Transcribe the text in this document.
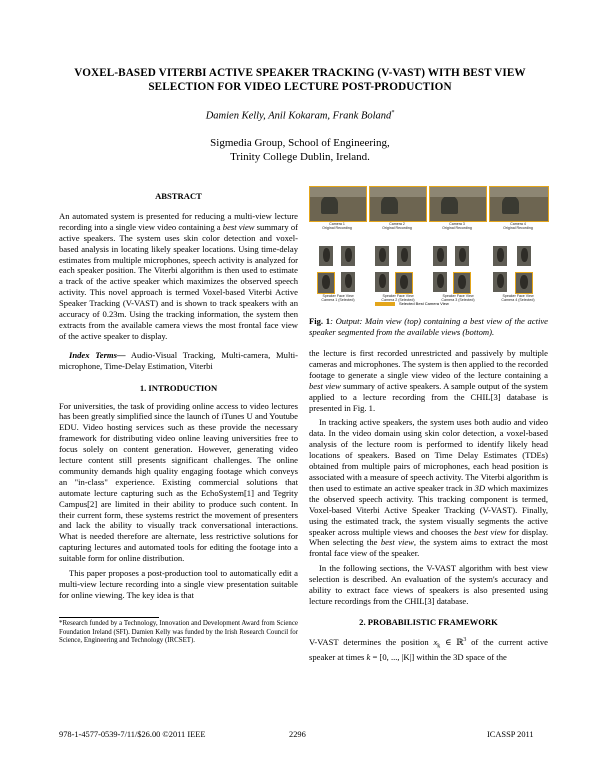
VOXEL-BASED VITERBI ACTIVE SPEAKER TRACKING (V-VAST) WITH BEST VIEW SELECTION FOR VIDEO LECTURE POST-PRODUCTION
Damien Kelly, Anil Kokaram, Frank Boland*
Sigmedia Group, School of Engineering,
Trinity College Dublin, Ireland.

ABSTRACT

An automated system is presented for reducing a multi-view lecture recording into a single view video containing a best view summary of active speakers. The system uses skin color detection and voxel-based analysis in locating likely speaker locations. Using time-delay estimates from multiple microphones, speech activity is analyzed for each speaker position. The Viterbi algorithm is then used to estimate a track of the active speaker which maximizes the observed speech activity. This novel approach is termed Voxel-based Viterbi Active Speaker Tracking (V-VAST) and is shown to track speakers with an accuracy of 0.23m. Using the tracking information, the system then extracts from the available camera views the most frontal face view of the active speaker to display.

Index Terms— Audio-Visual Tracking, Multi-camera, Multi-microphone, Time-Delay Estimation, Viterbi

1. INTRODUCTION

For universities, the task of providing online access to video lectures has been greatly simplified since the launch of iTunes U and Youtube EDU. Video hosting services such as these provide the necessary framework for distributing video online leaving universities free to focus solely on content generation. However, generating video lecture content still presents significant challenges. The online community demands high quality engaging footage which conveys an "in-class" experience. Existing commercial solutions that automate lecture capturing such as the EchoSystem[1] and Tegrity Campus[2] are limited in their ability to produce such content. In their current form, these systems restrict the movement of presenters and lack the ability to visually track conversational interactions. What is needed therefore are alternate, less restrictive solutions for capturing lectures and automated tools for editing the footage into a suitable form for online distribution.

This paper proposes a post-production tool to automatically edit a multi-view lecture recording into a single view presentation suitable for online viewing. The key idea is that

*Research funded by a Technology, Innovation and Development Award from Science Foundation Ireland (SFI). Damien Kelly was funded by the Irish Research Council for Science, Engineering and Technology (IRCSET).
Camera 1
Original Recording
Camera 2
Original Recording
Camera 3
Original Recording
Camera 4
Original Recording
Speaker Face View
Camera 1 (Selected)
Speaker Face View
Camera 2 (Selected)
Speaker Face View
Camera 3 (Selected)
Speaker Face View
Camera 4 (Selected)
Selected Best Camera View
Fig. 1: Output: Main view (top) containing a best view of the active speaker segmented from the available views (bottom).

the lecture is first recorded unrestricted and passively by multiple cameras and microphones. The system is then applied to the recorded footage to generate a single view video of the lecture containing a best view summary of active speakers. A sample output of the system applied to a lecture recording from the CHIL[3] database is presented in Fig. 1.

In tracking active speakers, the system uses both audio and video data. In the video domain using skin color detection, a voxel-based analysis of the lecture room is performed to identify likely head locations of speakers. Based on Time Delay Estimates (TDEs) obtained from multiple pairs of microphones, each head position is associated with a measure of speech activity. The Viterbi algorithm is then used to estimate an active speaker track in 3D which maximizes the observed speech activity. This tracking component is termed, Voxel-based Viterbi Active Speaker Tracking (V-VAST). Finally, using the estimated track, the system visually segments the active speaker across multiple views and chooses the best view for display. When selecting the best view, the system aims to extract the most frontal face view of the speaker.

In the following sections, the V-VAST algorithm with best view selection is described. An evaluation of the system's accuracy and ability to extract face views of speakers is also presented using lecture recordings from the CHIL[3] database.

2. PROBABILISTIC FRAMEWORK

V-VAST determines the position $x_k$ ∈ ℝ$^3$ of the current active speaker at times k = [0, ..., |K|] within the 3D space of the

978-1-4577-0539-7/11/$26.00 ©2011 IEEE	2296	ICASSP 2011
